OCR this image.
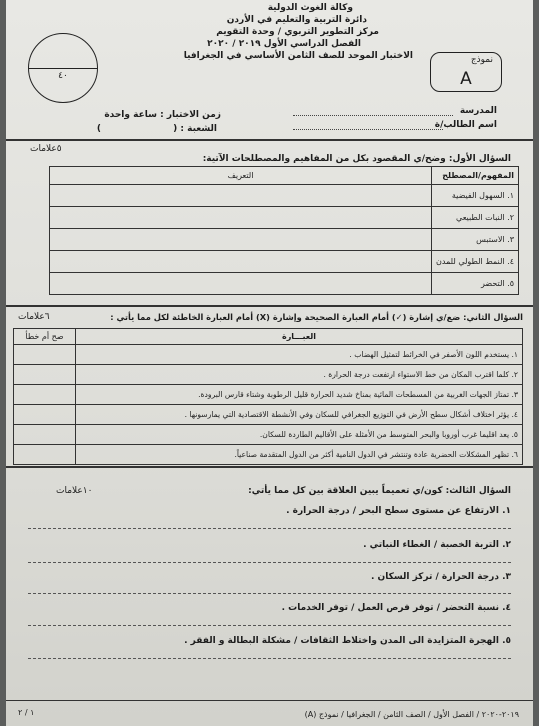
وكالة الغوث الدولية
دائرة التربية والتعليم في الأردن
مركز التطوير التربوي / وحدة التقويم
الفصل الدراسي الأول ٢٠١٩ / ٢٠٢٠
الاختبار الموحد للصف الثامن الأساسي في الجغرافيا
٤٠
نموذج
A
المدرسة
اسم الطالب/ة
زمن الاختبار : ساعة واحدة
الشعبة : (
)
السؤال الأول: وضح/ي المقصود بكل من المفاهيم والمصطلحات الآتية:
٥علامات
المفهوم/المصطلح	التعريف
١. السهول الفيضية	
٢. النبات الطبيعي	
٣. الاستبس	
٤. النمط الطولي للمدن	
٥. التحضر	
السؤال الثاني: ضع/ي إشارة (✓) أمام العبارة الصحيحة وإشارة (X) أمام العبارة الخاطئة لكل مما يأتي :
٦علامات
العبـــارة	صح أم خطأ
١. يستخدم اللون الأصفر في الخرائط لتمثيل الهضاب .	
٢. كلما اقترب المكان من خط الاستواء ارتفعت درجة الحرارة .	
٣. تمتاز الجهات الغربية من المسطحات المائية بمناخ شديد الحرارة قليل الرطوبة وشتاء قارس البرودة.	
٤. يؤثر اختلاف أشكال سطح الأرض في التوزيع الجغرافي للسكان وفي الأنشطة الاقتصادية التي يمارسونها .	
٥. يعد اقليما غرب أوروبا والبحر المتوسط من الأمثلة على الأقاليم الطاردة للسكان.	
٦. تظهر المشكلات الحضرية عادة وتنتشر في الدول النامية أكثر من الدول المتقدمة صناعياً.	
السؤال الثالث: كون/ي تعميماً يبين العلاقة بين كل مما يأتي:
١٠علامات
١. الارتفاع عن مستوى سطح البحر / درجة الحرارة .
٢. التربة الخصبة / الغطاء النباتي .
٣. درجة الحرارة / تركز السكان .
٤. نسبة التحضر / توفر فرص العمل / توفر الخدمات .
٥. الهجرة المتزايدة الى المدن واختلاط الثقافات / مشكلة البطالة و الفقر .
١ / ٢	٢٠١٩-٢٠٢٠ / الفصل الأول / الصف الثامن / الجغرافيا / نموذج (A)
